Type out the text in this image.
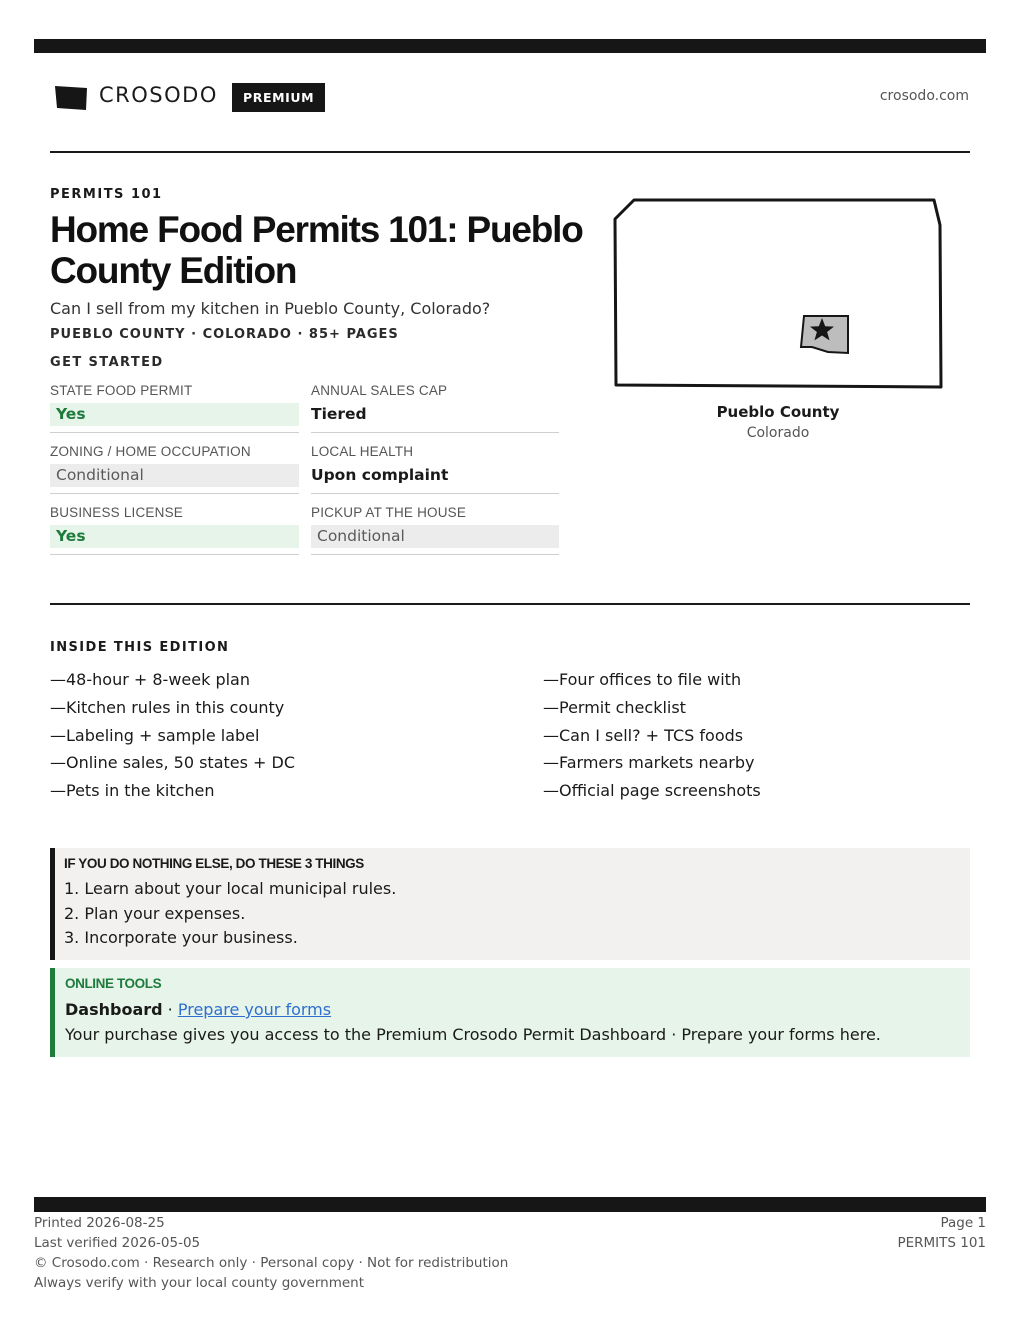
CROSODO	PREMIUM	crosodo.com
PERMITS 101
Home Food Permits 101: Pueblo County Edition

Can I sell from my kitchen in Pueblo County, Colorado?

PUEBLO COUNTY · COLORADO · 85+ PAGES
GET STARTED
STATE FOOD PERMIT
Yes
ANNUAL SALES CAP
Tiered
ZONING / HOME OCCUPATION
Conditional
LOCAL HEALTH
Upon complaint
BUSINESS LICENSE
Yes
PICKUP AT THE HOUSE
Conditional
Pueblo County
Colorado
INSIDE THIS EDITION
— 48-hour + 8-week plan
— Kitchen rules in this county
— Labeling + sample label
— Online sales, 50 states + DC
— Pets in the kitchen
— Four offices to file with
— Permit checklist
— Can I sell? + TCS foods
— Farmers markets nearby
— Official page screenshots
IF YOU DO NOTHING ELSE, DO THESE 3 THINGS
1. Learn about your local municipal rules.
2. Plan your expenses.
3. Incorporate your business.
ONLINE TOOLS
Dashboard · Prepare your forms
Your purchase gives you access to the Premium Crosodo Permit Dashboard · Prepare your forms here.
Printed 2026-08-25
Last verified 2026-05-05
© Crosodo.com · Research only · Personal copy · Not for redistribution
Always verify with your local county government
Page 1
PERMITS 101
